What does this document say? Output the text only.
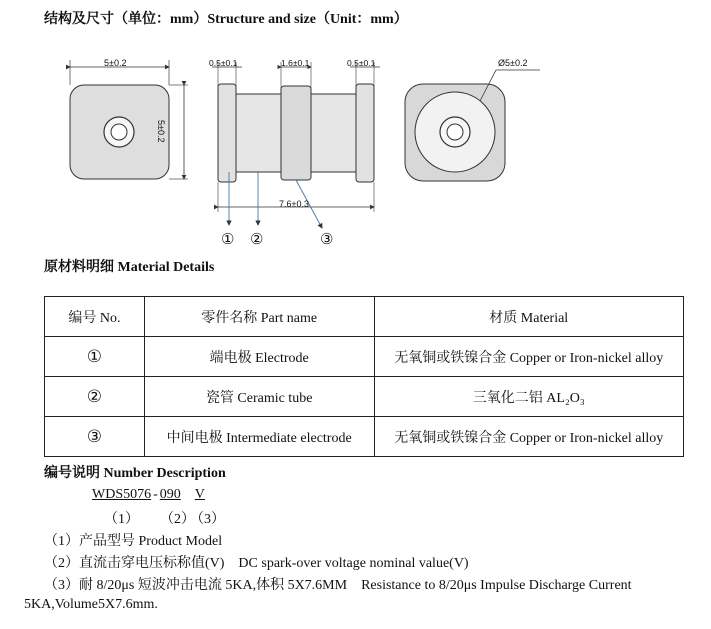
结构及尺寸（单位：mm）Structure and size（Unit：mm）
5±0.2
5±0.2
0.5±0.1	1.6±0.1	0.5±0.1
7.6±0.3
Ø5±0.2
① ②	③
原材料明细 Material Details
编号 No.	零件名称 Part name	材质 Material
①	端电极 Electrode	无氧铜或铁镍合金 Copper or Iron-nickel alloy
②	瓷管 Ceramic tube	三氧化二铝 AL₂O₃
③	中间电极 Intermediate electrode	无氧铜或铁镍合金 Copper or Iron-nickel alloy
编号说明 Number Description
WDS5076 - 090 V
（1） （2）
（3）
（1）产品型号 Product Model
（2）直流击穿电压标称值(V)    DC spark-over voltage nominal value(V)
（3）耐 8/20μs 短波冲击电流 5KA,体积 5X7.6MM    Resistance to 8/20μs Impulse Discharge Current
5KA,Volume5X7.6mm.
